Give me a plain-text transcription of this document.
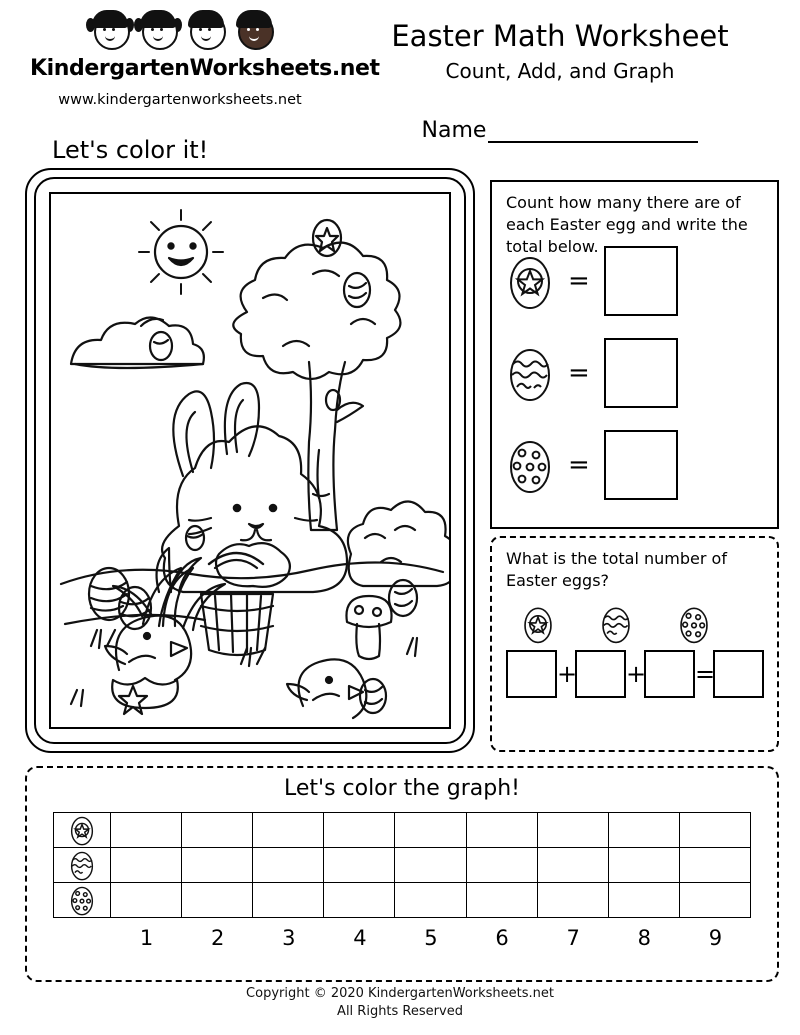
KindergartenWorksheets.net
www.kindergartenworksheets.net
Easter Math Worksheet
Count, Add, and Graph
Name
Let's color it!
Count how many there are of each Easter egg and write the total below.
=
=
=
What is the total number of Easter eggs?
+ + =
Let's color the graph!

1	2	3	4	5	6	7	8	9
Copyright © 2020 KindergartenWorksheets.net
All Rights Reserved
